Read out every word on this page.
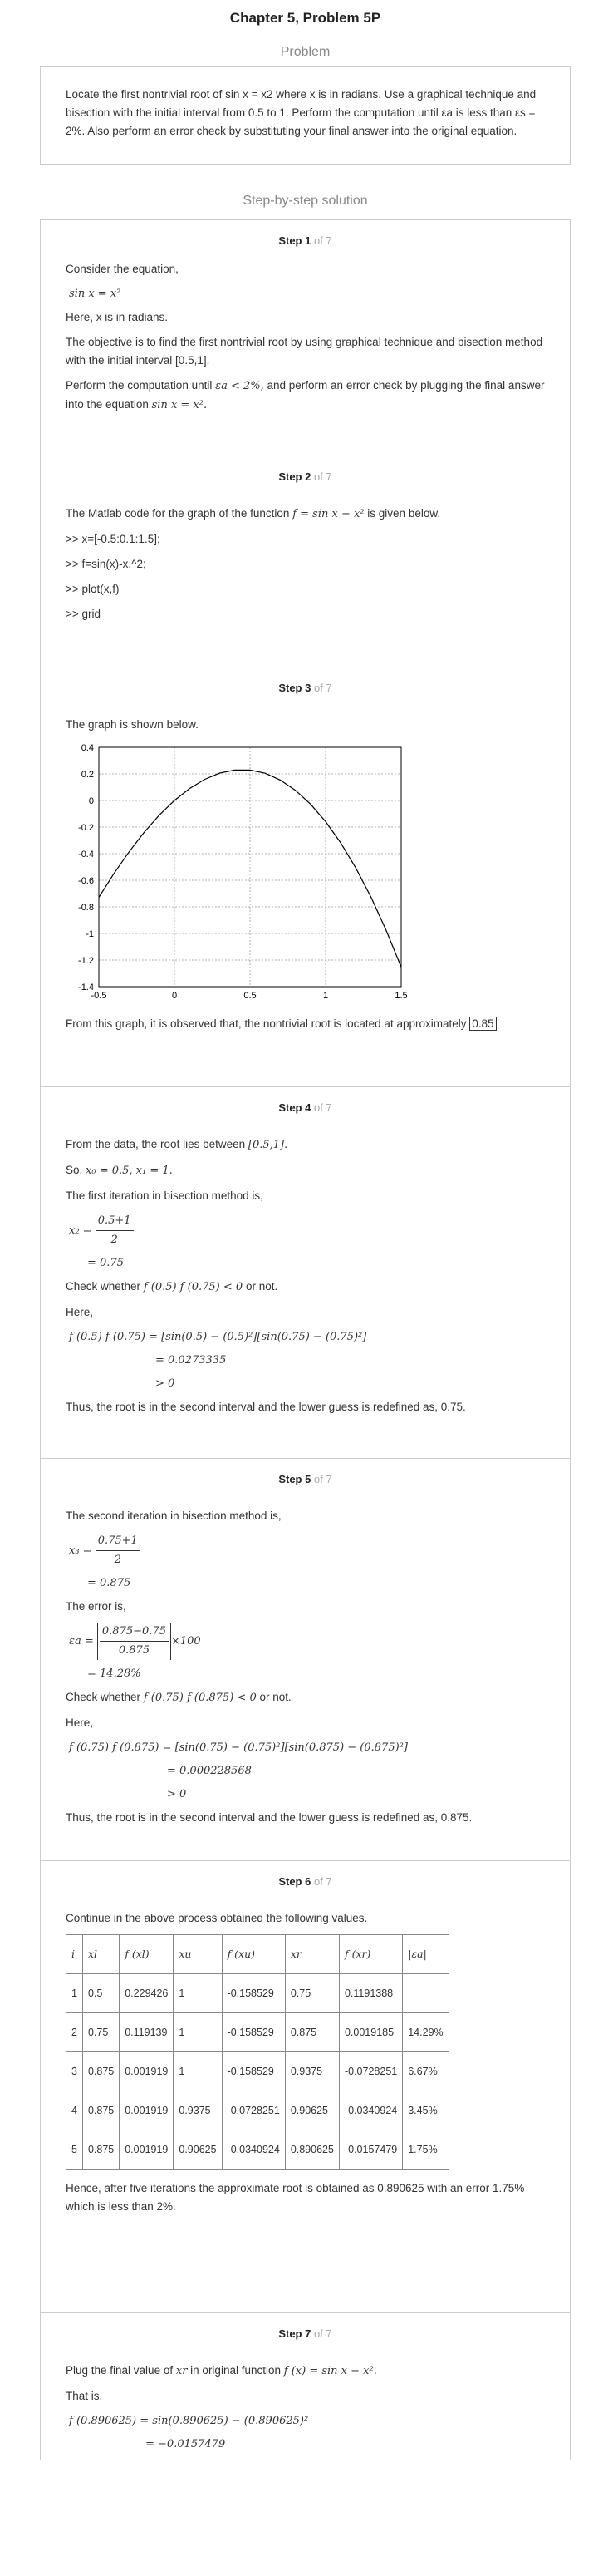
Chapter 5, Problem 5P
Problem
Locate the first nontrivial root of sin x = x2 where x is in radians. Use a graphical technique and bisection with the initial interval from 0.5 to 1. Perform the computation until εa is less than εs = 2%. Also perform an error check by substituting your final answer into the original equation.
Step-by-step solution
Step 1 of 7

Consider the equation,

sin x = x²

Here, x is in radians.

The objective is to find the first nontrivial root by using graphical technique and bisection method with the initial interval [0.5,1].

Perform the computation until εa < 2%, and perform an error check by plugging the final answer into the equation sin x = x².

Step 2 of 7

The Matlab code for the graph of the function f = sin x − x² is given below.

>> x=[-0.5:0.1:1.5];

>> f=sin(x)-x.^2;

>> plot(x,f)

>> grid

Step 3 of 7

The graph is shown below.

-0.5	0	0.5	1	1.5
0.4
0.2
0
-0.2
-0.4
-0.6
-0.8
-1
-1.2
-1.4

From this graph, it is observed that, the nontrivial root is located at approximately 0.85

Step 4 of 7

From the data, the root lies between [0.5,1].

So, x₀ = 0.5, x₁ = 1.

The first iteration in bisection method is,

$x_2 = \frac{0.5+1}{2}$

= 0.75

Check whether f (0.5) f (0.75) < 0 or not.

Here,

f (0.5) f (0.75) = [sin(0.5) − (0.5)²][sin(0.75) − (0.75)²]

= 0.0273335

> 0

Thus, the root is in the second interval and the lower guess is redefined as, 0.75.

Step 5 of 7

The second iteration in bisection method is,

$x_3 = \frac{0.75+1}{2}$

= 0.875

The error is,

$\varepsilon a = \frac{0.875-0.75}{0.875} \times 100$

= 14.28%

Check whether f (0.75) f (0.875) < 0 or not.

Here,

f (0.75) f (0.875) = [sin(0.75) − (0.75)²][sin(0.875) − (0.875)²]

= 0.000228568

> 0

Thus, the root is in the second interval and the lower guess is redefined as, 0.875.

Step 6 of 7

Continue in the above process obtained the following values.

i	xl	f (xl)	xu	f (xu)	xr	f (xr)	|εa|
1	0.5	0.229426	1	-0.158529	0.75	0.1191388	
2	0.75	0.119139	1	-0.158529	0.875	0.0019185	14.29%
3	0.875	0.001919	1	-0.158529	0.9375	-0.0728251	6.67%
4	0.875	0.001919	0.9375	-0.0728251	0.90625	-0.0340924	3.45%
5	0.875	0.001919	0.90625	-0.0340924	0.890625	-0.0157479	1.75%

Hence, after five iterations the approximate root is obtained as 0.890625 with an error 1.75% which is less than 2%.

Step 7 of 7

Plug the final value of xr in original function f (x) = sin x − x².

That is,

f (0.890625) = sin(0.890625) − (0.890625)²

= −0.0157479
